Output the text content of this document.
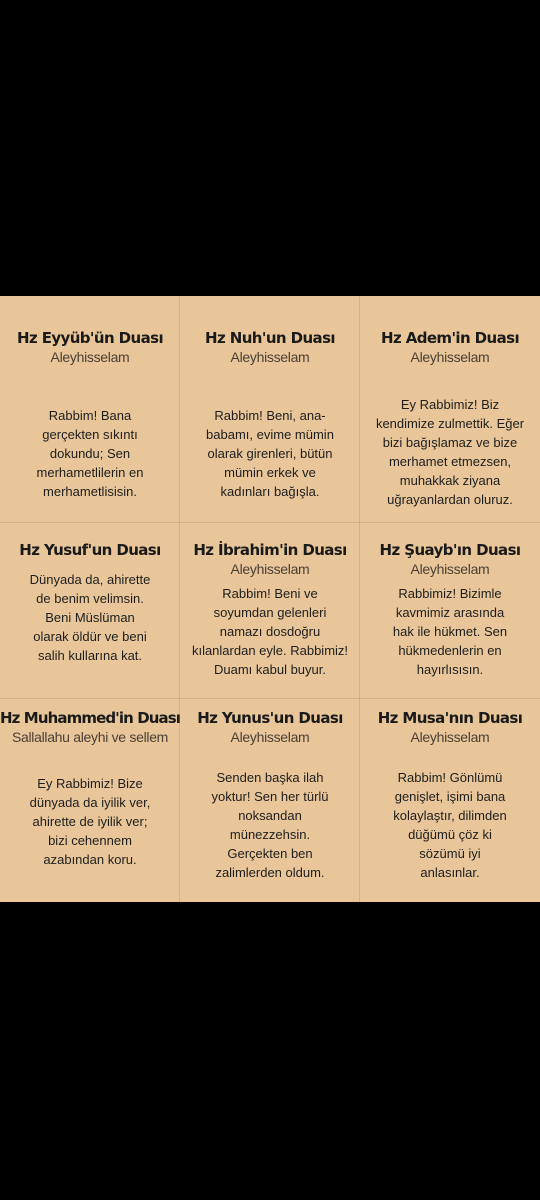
Hz Eyyüb'ün Duası
Aleyhisselam
Rabbim! Bana
gerçekten sıkıntı
dokundu; Sen
merhametlilerin en
merhametlisisin.
Hz Nuh'un Duası
Aleyhisselam
Rabbim! Beni, ana-
babamı, evime mümin
olarak girenleri, bütün
mümin erkek ve
kadınları bağışla.
Hz Adem'in Duası
Aleyhisselam
Ey Rabbimiz! Biz
kendimize zulmettik. Eğer
bizi bağışlamaz ve bize
merhamet etmezsen,
muhakkak ziyana
uğrayanlardan oluruz.
Hz Yusuf'un Duası
Dünyada da, ahirette
de benim velimsin.
Beni Müslüman
olarak öldür ve beni
salih kullarına kat.
Hz İbrahim'in Duası
Aleyhisselam
Rabbim! Beni ve
soyumdan gelenleri
namazı dosdoğru
kılanlardan eyle. Rabbimiz!
Duamı kabul buyur.
Hz Şuayb'ın Duası
Aleyhisselam
Rabbimiz! Bizimle
kavmimiz arasında
hak ile hükmet. Sen
hükmedenlerin en
hayırlısısın.
Hz Muhammed'in Duası
Sallallahu aleyhi ve sellem
Ey Rabbimiz! Bize
dünyada da iyilik ver,
ahirette de iyilik ver;
bizi cehennem
azabından koru.
Hz Yunus'un Duası
Aleyhisselam
Senden başka ilah
yoktur! Sen her türlü
noksandan
münezzehsin.
Gerçekten ben
zalimlerden oldum.
Hz Musa'nın Duası
Aleyhisselam
Rabbim! Gönlümü
genişlet, işimi bana
kolaylaştır, dilimden
düğümü çöz ki
sözümü iyi
anlasınlar.
